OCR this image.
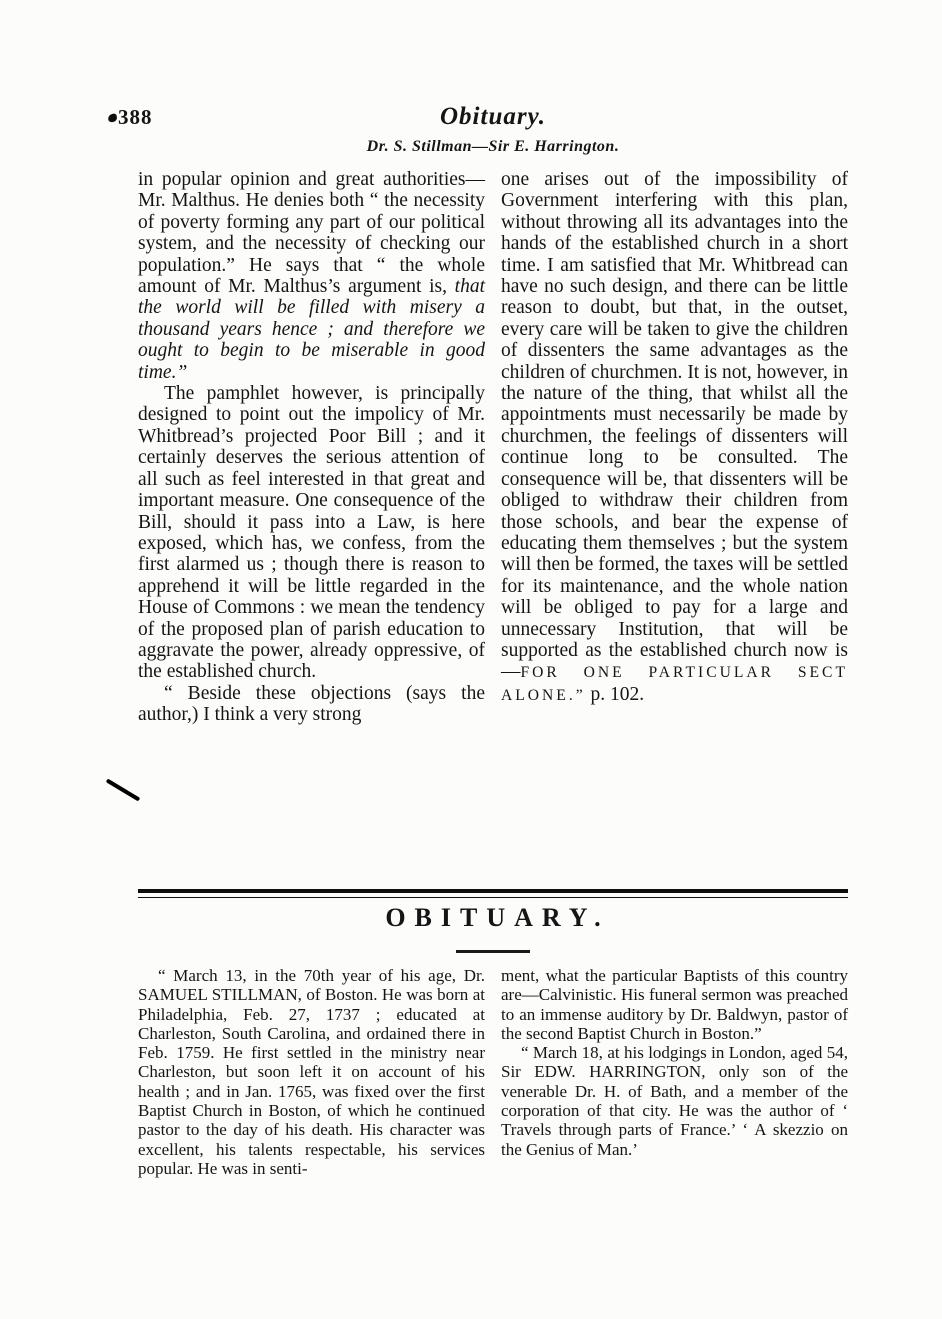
388	Obituary.
Dr. S. Stillman—Sir E. Harrington.

in popular opinion and great authorities—Mr. Malthus. He denies both “ the necessity of poverty forming any part of our political system, and the necessity of checking our population.” He says that “ the whole amount of Mr. Malthus’s argument is, that the world will be filled with misery a thousand years hence ; and therefore we ought to begin to be miserable in good time.”

The pamphlet however, is principally designed to point out the impolicy of Mr. Whitbread’s projected Poor Bill ; and it certainly deserves the serious attention of all such as feel interested in that great and important measure. One consequence of the Bill, should it pass into a Law, is here exposed, which has, we confess, from the first alarmed us ; though there is reason to apprehend it will be little regarded in the House of Commons : we mean the tendency of the proposed plan of parish education to aggravate the power, already oppressive, of the established church.

“ Beside these objections (says the author,) I think a very strong

one arises out of the impossibility of Government interfering with this plan, without throwing all its advantages into the hands of the established church in a short time. I am satisfied that Mr. Whitbread can have no such design, and there can be little reason to doubt, but that, in the outset, every care will be taken to give the children of dissenters the same advantages as the children of churchmen. It is not, however, in the nature of the thing, that whilst all the appointments must necessarily be made by churchmen, the feelings of dissenters will continue long to be consulted. The consequence will be, that dissenters will be obliged to withdraw their children from those schools, and bear the expense of educating them themselves ; but the system will then be formed, the taxes will be settled for its maintenance, and the whole nation will be obliged to pay for a large and unnecessary Institution, that will be supported as the established church now is—FOR ONE PARTICULAR SECT ALONE.” p. 102.

OBITUARY.

“ March 13, in the 70th year of his age, Dr. SAMUEL STILLMAN, of Boston. He was born at Philadelphia, Feb. 27, 1737 ; educated at Charleston, South Carolina, and ordained there in Feb. 1759. He first settled in the ministry near Charleston, but soon left it on account of his health ; and in Jan. 1765, was fixed over the first Baptist Church in Boston, of which he continued pastor to the day of his death. His character was excellent, his talents respectable, his services popular. He was in senti-

ment, what the particular Baptists of this country are—Calvinistic. His funeral sermon was preached to an immense auditory by Dr. Baldwyn, pastor of the second Baptist Church in Boston.”

“ March 18, at his lodgings in London, aged 54, Sir EDW. HARRINGTON, only son of the venerable Dr. H. of Bath, and a member of the corporation of that city. He was the author of ‘ Travels through parts of France.’ ‘ A skezzio on the Genius of Man.’
